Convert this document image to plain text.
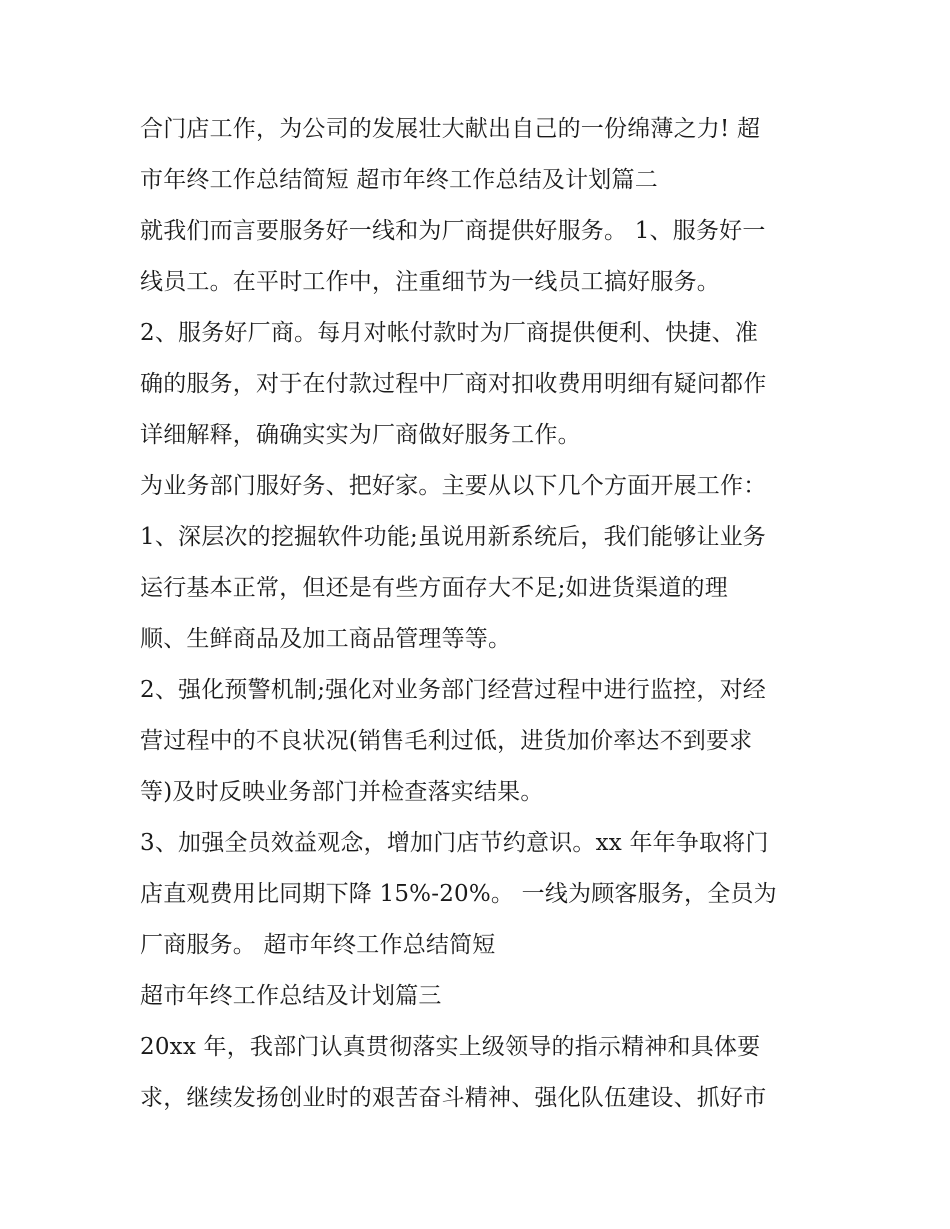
合门店工作，为公司的发展壮大献出自己的一份绵薄之力! 超
市年终工作总结简短 超市年终工作总结及计划篇二
就我们而言要服务好一线和为厂商提供好服务。 1、服务好一
线员工。在平时工作中，注重细节为一线员工搞好服务。
2、服务好厂商。每月对帐付款时为厂商提供便利、快捷、准
确的服务，对于在付款过程中厂商对扣收费用明细有疑问都作
详细解释，确确实实为厂商做好服务工作。
为业务部门服好务、把好家。主要从以下几个方面开展工作：
1、深层次的挖掘软件功能;虽说用新系统后，我们能够让业务
运行基本正常，但还是有些方面存大不足;如进货渠道的理
顺、生鲜商品及加工商品管理等等。
2、强化预警机制;强化对业务部门经营过程中进行监控，对经
营过程中的不良状况(销售毛利过低，进货加价率达不到要求
等)及时反映业务部门并检查落实结果。
3、加强全员效益观念，增加门店节约意识。xx 年年争取将门
店直观费用比同期下降 15%-20%。 一线为顾客服务，全员为
厂商服务。 超市年终工作总结简短
超市年终工作总结及计划篇三
20xx 年，我部门认真贯彻落实上级领导的指示精神和具体要
求，继续发扬创业时的艰苦奋斗精神、强化队伍建设、抓好市
